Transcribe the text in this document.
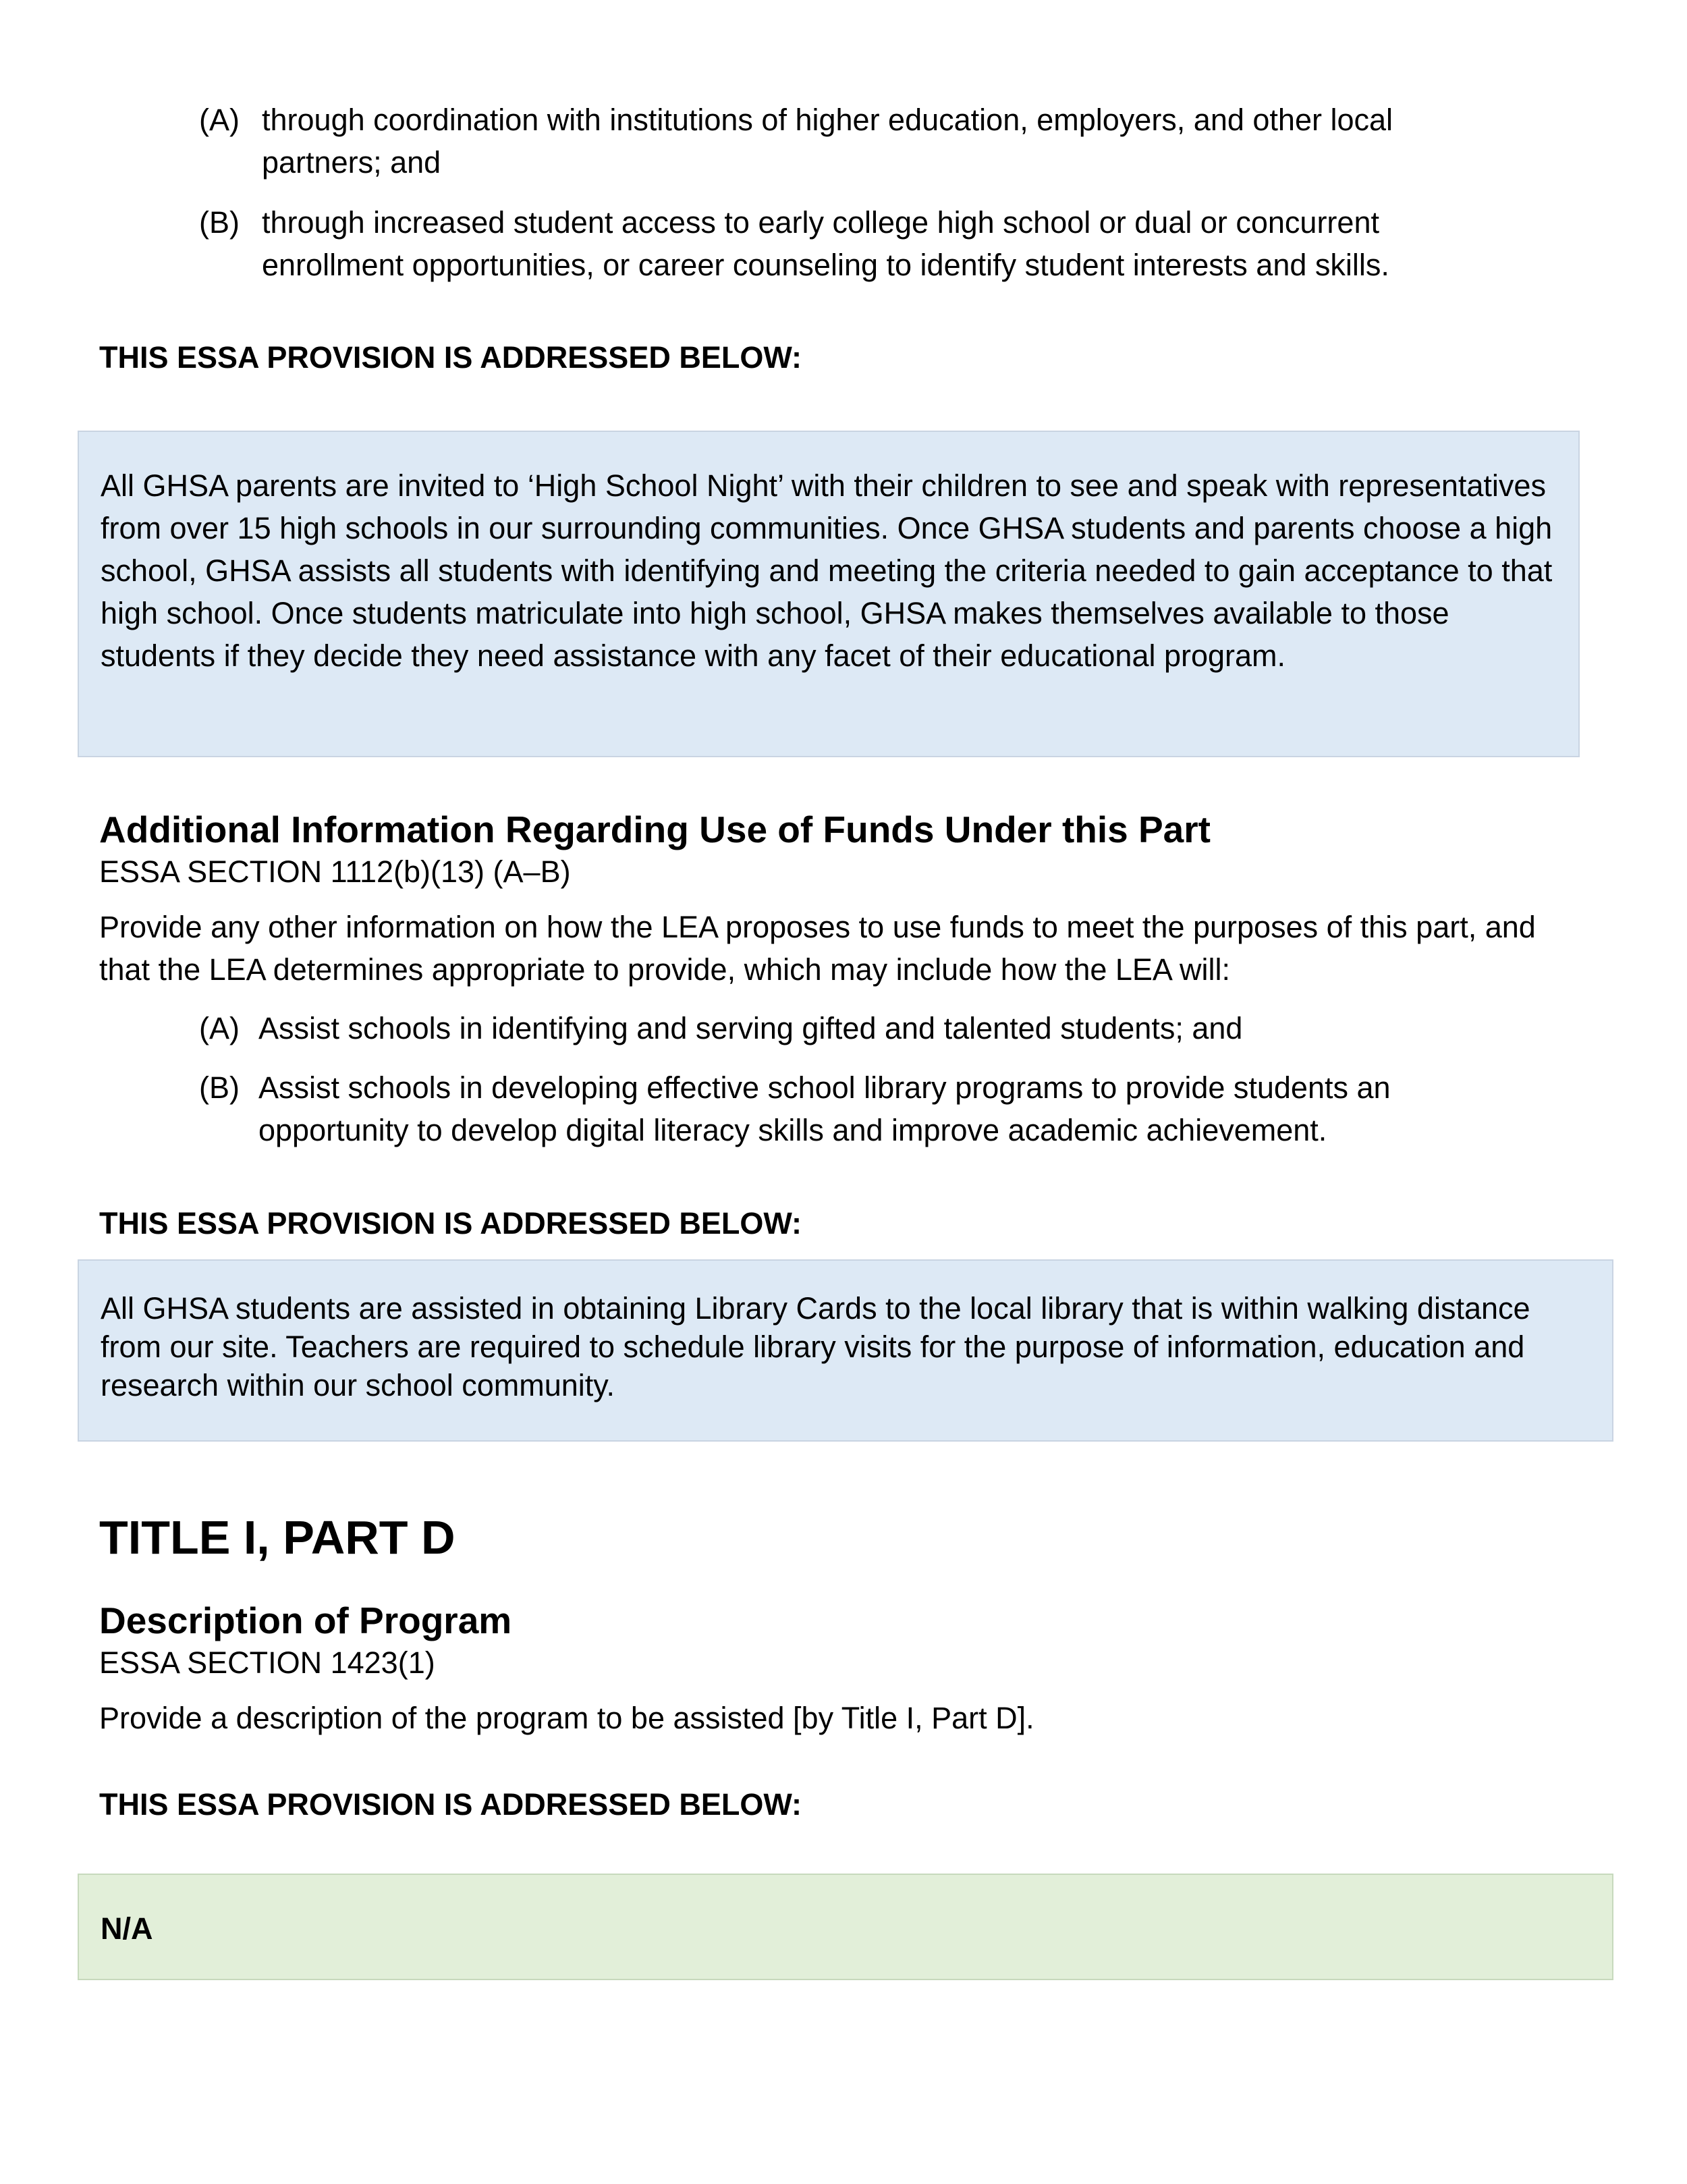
(A) through coordination with institutions of higher education, employers, and other local partners; and
(B) through increased student access to early college high school or dual or concurrent enrollment opportunities, or career counseling to identify student interests and skills.
THIS ESSA PROVISION IS ADDRESSED BELOW:
All GHSA parents are invited to ‘High School Night’ with their children to see and speak with representatives from over 15 high schools in our surrounding communities. Once GHSA students and parents choose a high school, GHSA assists all students with identifying and meeting the criteria needed to gain acceptance to that high school. Once students matriculate into high school, GHSA makes themselves available to those students if they decide they need assistance with any facet of their educational program.
Additional Information Regarding Use of Funds Under this Part
ESSA SECTION 1112(b)(13) (A–B)
Provide any other information on how the LEA proposes to use funds to meet the purposes of this part, and that the LEA determines appropriate to provide, which may include how the LEA will:
(A) Assist schools in identifying and serving gifted and talented students; and
(B) Assist schools in developing effective school library programs to provide students an opportunity to develop digital literacy skills and improve academic achievement.
THIS ESSA PROVISION IS ADDRESSED BELOW:
All GHSA students are assisted in obtaining Library Cards to the local library that is within walking distance from our site. Teachers are required to schedule library visits for the purpose of information, education and research within our school community.
TITLE I, PART D
Description of Program
ESSA SECTION 1423(1)
Provide a description of the program to be assisted [by Title I, Part D].
THIS ESSA PROVISION IS ADDRESSED BELOW:
N/A
